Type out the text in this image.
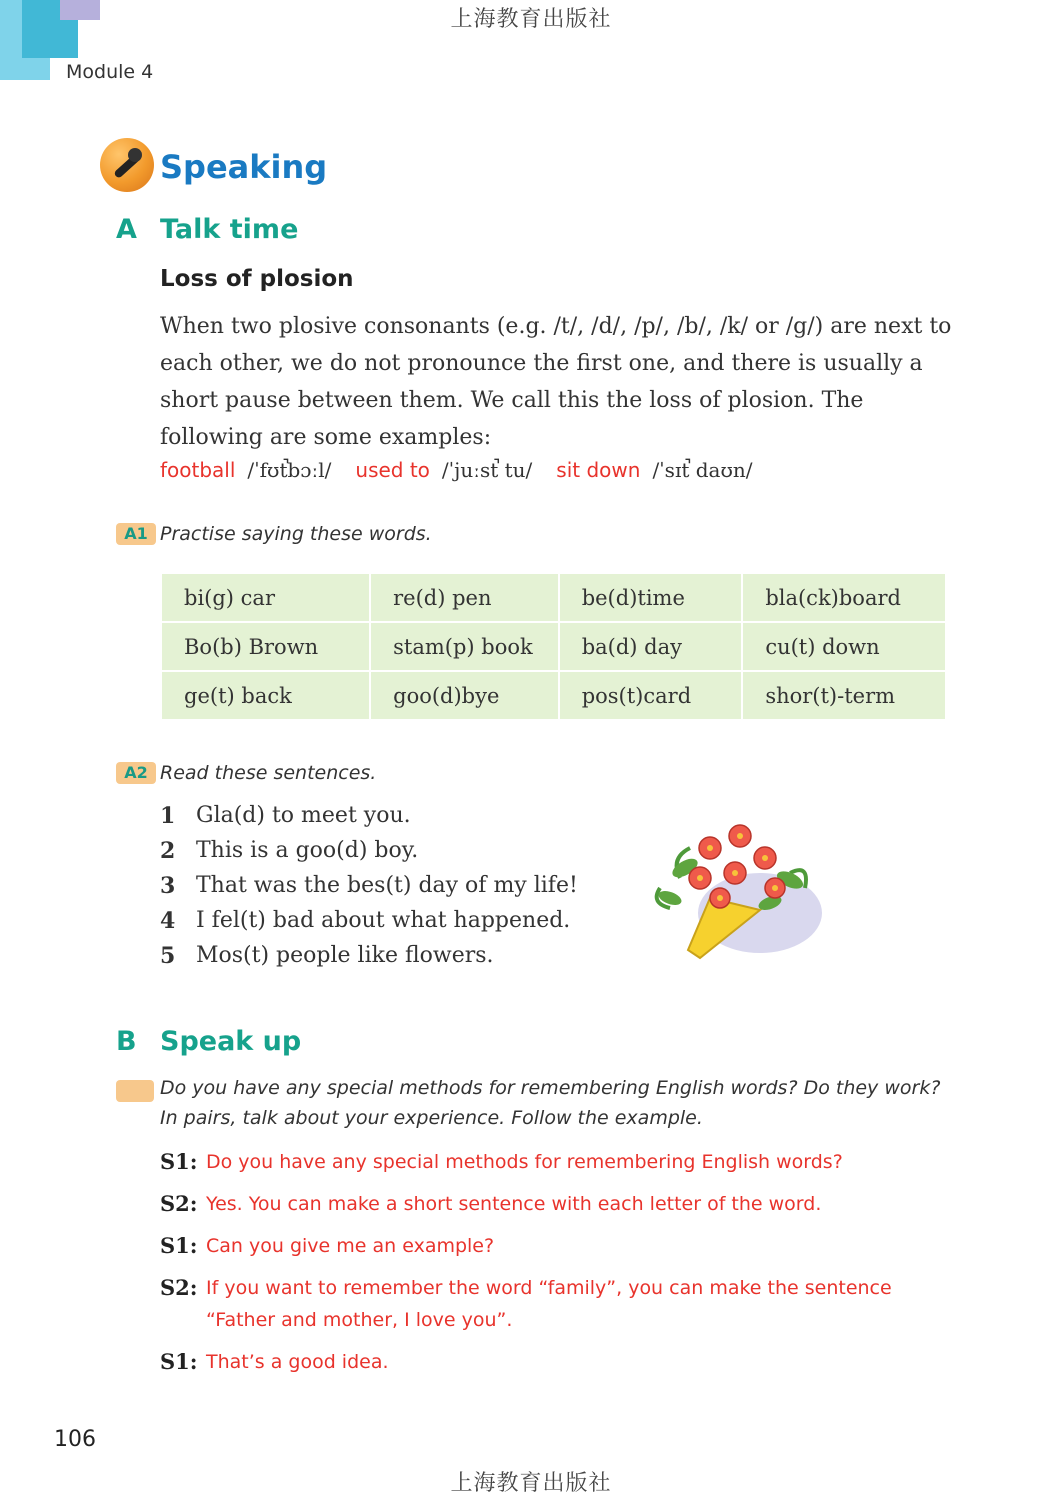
上海教育出版社
Module 4
Speaking
A Talk time
Loss of plosion
When two plosive consonants (e.g. /t/, /d/, /p/, /b/, /k/ or /g/) are next to each other, we do not pronounce the first one, and there is usually a short pause between them. We call this the loss of plosion. The following are some examples:
football /ˈfʊt̚bɔːl/ used to /ˈjuːst̚ tu/ sit down /ˈsɪt̚ daʊn/
A1 Practise saying these words.
bi(g) car	re(d) pen	be(d)time	bla(ck)board
Bo(b) Brown	stam(p) book	ba(d) day	cu(t) down
ge(t) back	goo(d)bye	pos(t)card	shor(t)-term
A2 Read these sentences.
1 Gla(d) to meet you.
2 This is a goo(d) boy.
3 That was the bes(t) day of my life!
4 I fel(t) bad about what happened.
5 Mos(t) people like flowers.
B Speak up
Do you have any special methods for remembering English words? Do they work?
In pairs, talk about your experience. Follow the example.
S1: Do you have any special methods for remembering English words?
S2: Yes. You can make a short sentence with each letter of the word.
S1: Can you give me an example?
S2: If you want to remember the word “family”, you can make the sentence “Father and mother, I love you”.
S1: That’s a good idea.
106
上海教育出版社
